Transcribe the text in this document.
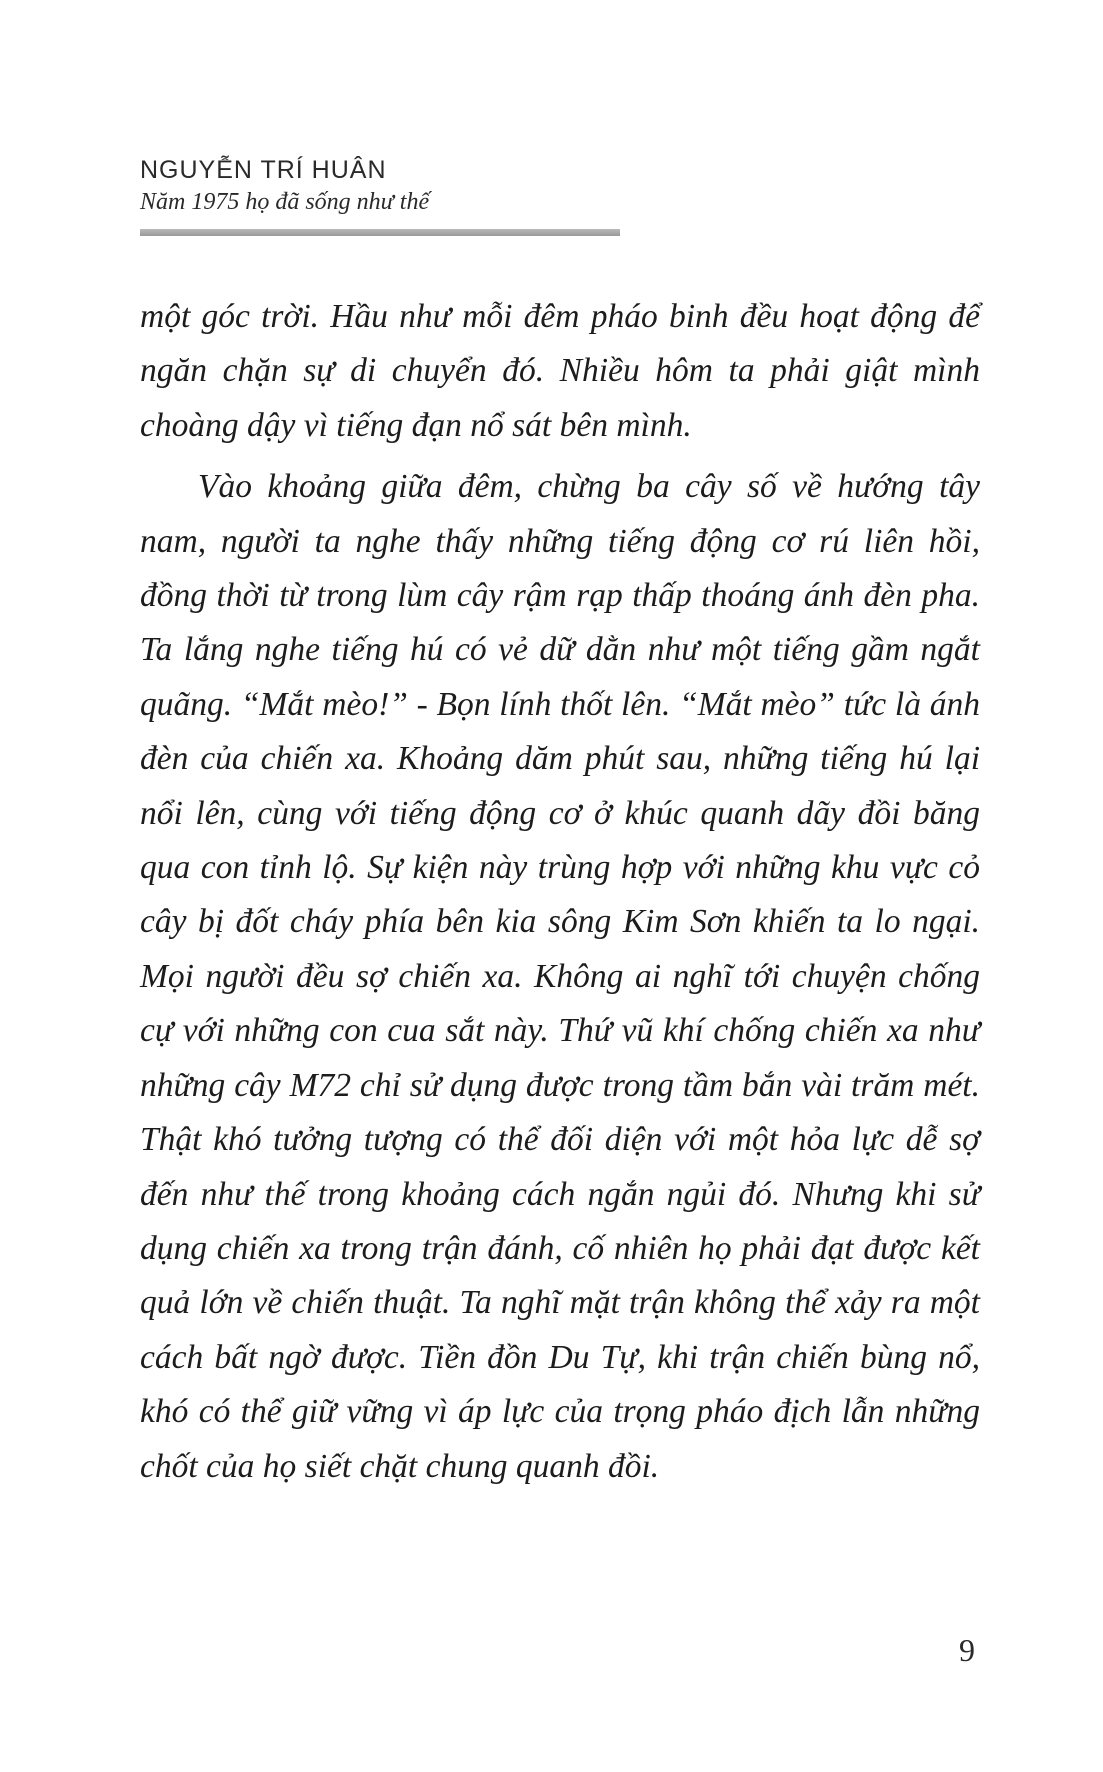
NGUYỄN TRÍ HUÂN
Năm 1975 họ đã sống như thế

một góc trời. Hầu như mỗi đêm pháo binh đều hoạt động để ngăn chặn sự di chuyển đó. Nhiều hôm ta phải giật mình choàng dậy vì tiếng đạn nổ sát bên mình.

Vào khoảng giữa đêm, chừng ba cây số về hướng tây nam, người ta nghe thấy những tiếng động cơ rú liên hồi, đồng thời từ trong lùm cây rậm rạp thấp thoáng ánh đèn pha. Ta lắng nghe tiếng hú có vẻ dữ dằn như một tiếng gầm ngắt quãng. “Mắt mèo!” - Bọn lính thốt lên. “Mắt mèo” tức là ánh đèn của chiến xa. Khoảng dăm phút sau, những tiếng hú lại nổi lên, cùng với tiếng động cơ ở khúc quanh dãy đồi băng qua con tỉnh lộ. Sự kiện này trùng hợp với những khu vực cỏ cây bị đốt cháy phía bên kia sông Kim Sơn khiến ta lo ngại. Mọi người đều sợ chiến xa. Không ai nghĩ tới chuyện chống cự với những con cua sắt này. Thứ vũ khí chống chiến xa như những cây M72 chỉ sử dụng được trong tầm bắn vài trăm mét. Thật khó tưởng tượng có thể đối diện với một hỏa lực dễ sợ đến như thế trong khoảng cách ngắn ngủi đó. Nhưng khi sử dụng chiến xa trong trận đánh, cố nhiên họ phải đạt được kết quả lớn về chiến thuật. Ta nghĩ mặt trận không thể xảy ra một cách bất ngờ được. Tiền đồn Du Tự, khi trận chiến bùng nổ, khó có thể giữ vững vì áp lực của trọng pháo địch lẫn những chốt của họ siết chặt chung quanh đồi.

9
